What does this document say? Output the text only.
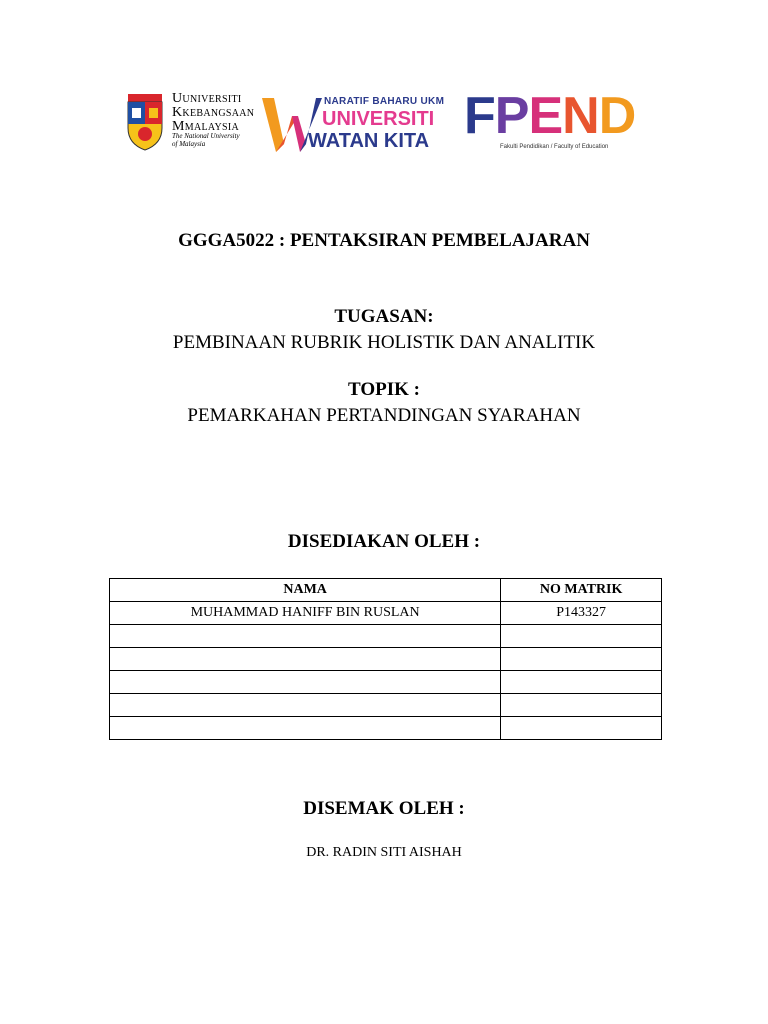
UUNIVERSITI
KKEBANGSAAN
MMALAYSIA
The National University
of Malaysia
NARATIF BAHARU UKM
UNIVERSITI
WATAN KITA FPEND
Fakulti Pendidikan / Faculty of Education
GGGA5022 : PENTAKSIRAN PEMBELAJARAN
TUGASAN:
PEMBINAAN RUBRIK HOLISTIK DAN ANALITIK
TOPIK :
PEMARKAHAN PERTANDINGAN SYARAHAN
DISEDIAKAN OLEH :
NAMA	NO MATRIK
MUHAMMAD HANIFF BIN RUSLAN	P143327

DISEMAK OLEH :
DR. RADIN SITI AISHAH
